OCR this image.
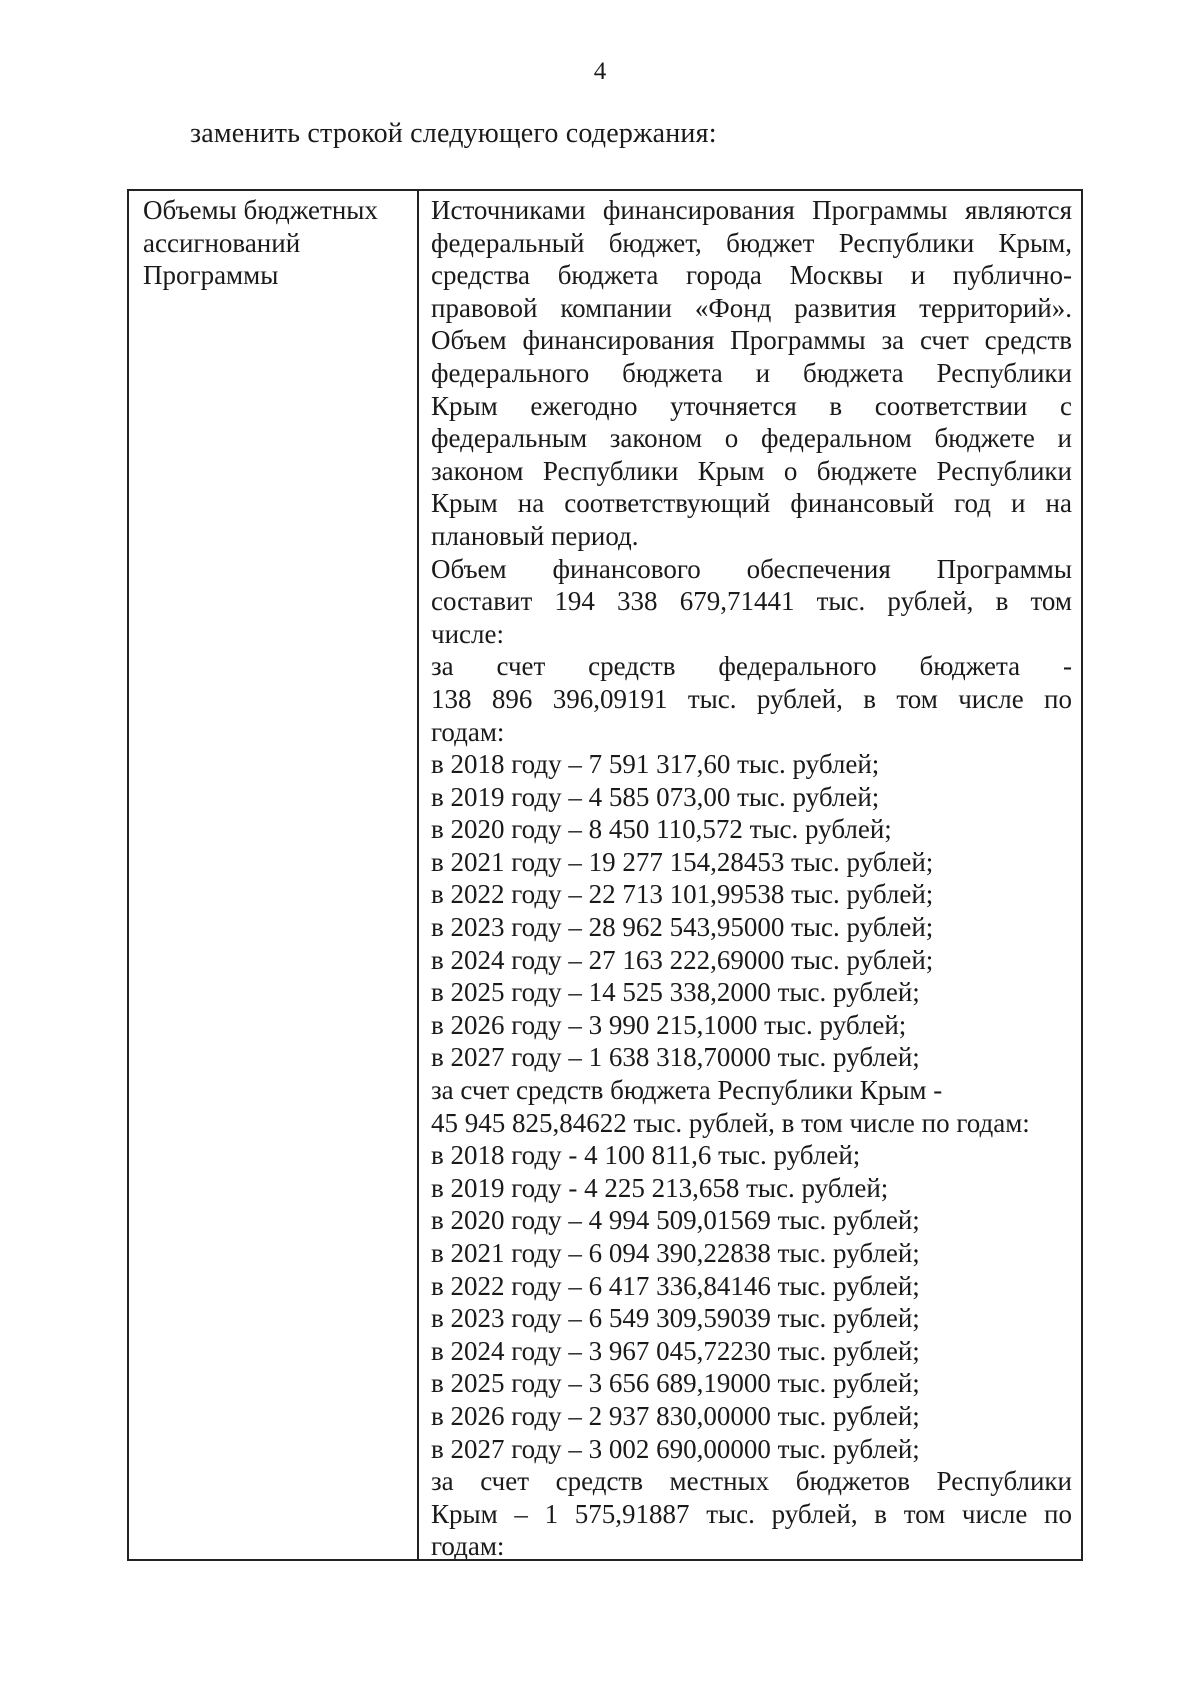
4
заменить строкой следующего содержания:
Объемы бюджетных
ассигнований
Программы
Источниками финансирования Программы являются
федеральный бюджет, бюджет Республики Крым,
средства бюджета города Москвы и публично-
правовой компании «Фонд развития территорий».
Объем финансирования Программы за счет средств
федерального бюджета и бюджета Республики
Крым ежегодно уточняется в соответствии с
федеральным законом о федеральном бюджете и
законом Республики Крым о бюджете Республики
Крым на соответствующий финансовый год и на
плановый период.
Объем финансового обеспечения Программы
составит 194 338 679,71441 тыс. рублей, в том
числе:
за счет средств федерального бюджета -
138 896 396,09191 тыс. рублей, в том числе по
годам:
в 2018 году – 7 591 317,60 тыс. рублей;
в 2019 году – 4 585 073,00 тыс. рублей;
в 2020 году – 8 450 110,572 тыс. рублей;
в 2021 году – 19 277 154,28453 тыс. рублей;
в 2022 году – 22 713 101,99538 тыс. рублей;
в 2023 году – 28 962 543,95000 тыс. рублей;
в 2024 году – 27 163 222,69000 тыс. рублей;
в 2025 году – 14 525 338,2000 тыс. рублей;
в 2026 году – 3 990 215,1000 тыс. рублей;
в 2027 году – 1 638 318,70000 тыс. рублей;
за счет средств бюджета Республики Крым -
45 945 825,84622 тыс. рублей, в том числе по годам:
в 2018 году - 4 100 811,6 тыс. рублей;
в 2019 году - 4 225 213,658 тыс. рублей;
в 2020 году – 4 994 509,01569 тыс. рублей;
в 2021 году – 6 094 390,22838 тыс. рублей;
в 2022 году – 6 417 336,84146 тыс. рублей;
в 2023 году – 6 549 309,59039 тыс. рублей;
в 2024 году – 3 967 045,72230 тыс. рублей;
в 2025 году – 3 656 689,19000 тыс. рублей;
в 2026 году – 2 937 830,00000 тыс. рублей;
в 2027 году – 3 002 690,00000 тыс. рублей;
за счет средств местных бюджетов Республики
Крым – 1 575,91887 тыс. рублей, в том числе по
годам:
